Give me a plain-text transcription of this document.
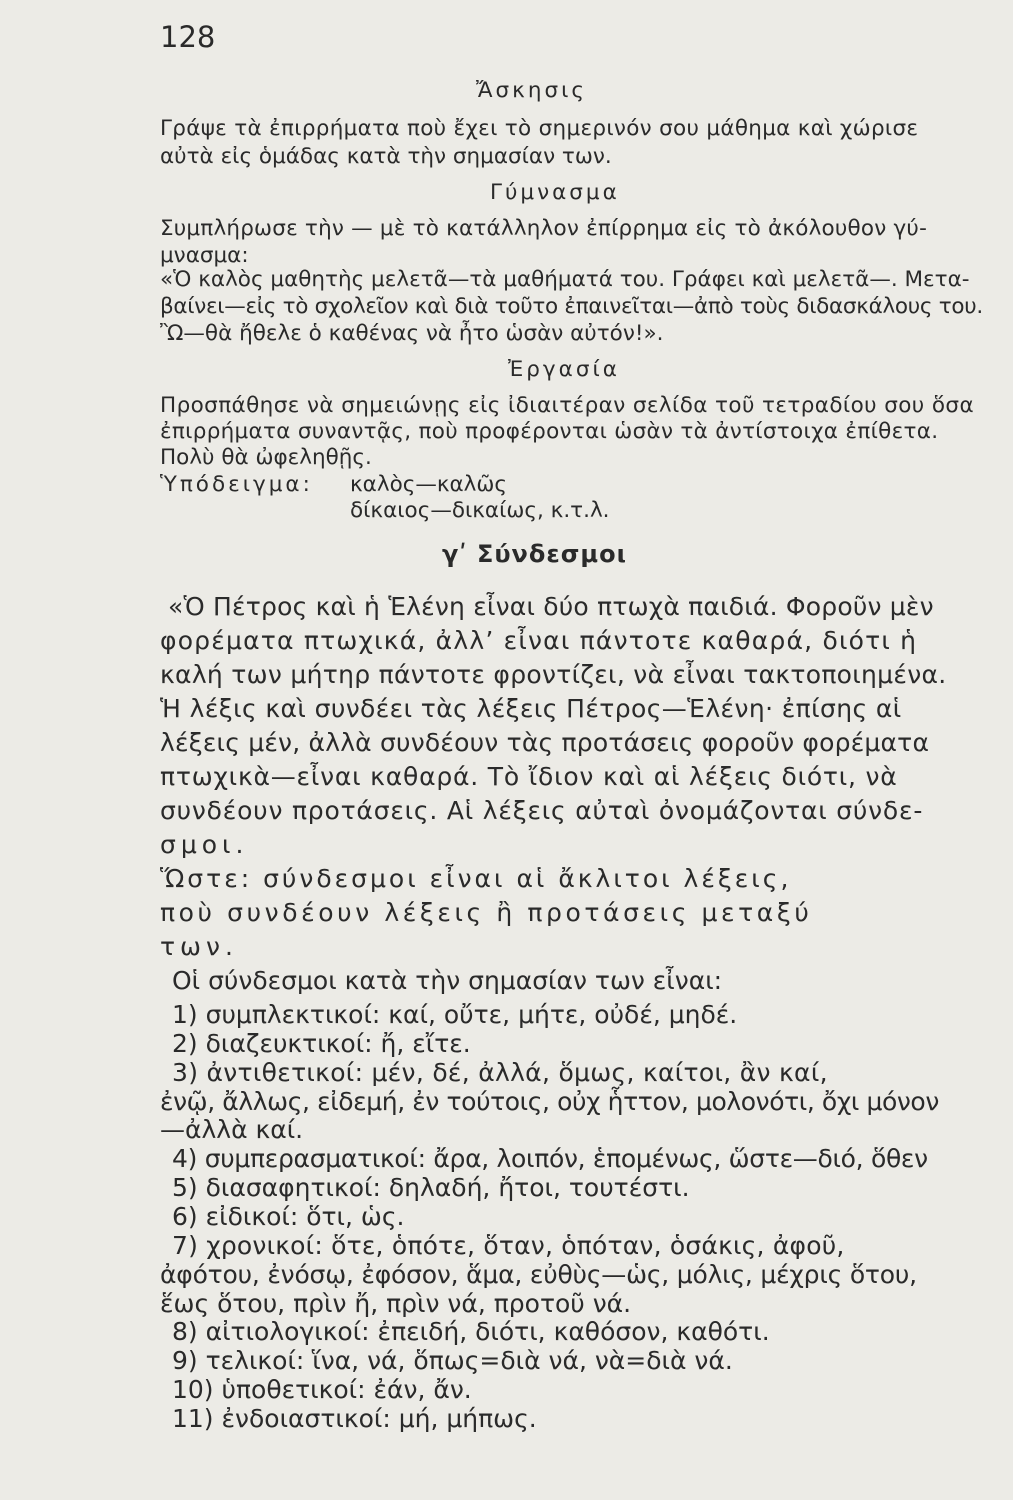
128
Ἄσκησις
Γράψε τὰ ἐπιρρήματα ποὺ ἔχει τὸ σημερινόν σου μάθημα καὶ χώρισε
αὐτὰ εἰς ὁμάδας κατὰ τὴν σημασίαν των.
Γύμνασμα
Συμπλήρωσε τὴν — μὲ τὸ κατάλληλον ἐπίρρημα εἰς τὸ ἀκόλουθον γύ-
μνασμα:
«Ὁ καλὸς μαθητὴς μελετᾶ—τὰ μαθήματά του. Γράφει καὶ μελετᾶ—. Μετα-
βαίνει—εἰς τὸ σχολεῖον καὶ διὰ τοῦτο ἐπαινεῖται—ἀπὸ τοὺς διδασκάλους του.
Ὢ—θὰ ἤθελε ὁ καθένας νὰ ἦτο ὡσὰν αὐτόν!».
Ἐργασία
Προσπάθησε νὰ σημειώνῃς εἰς ἰδιαιτέραν σελίδα τοῦ τετραδίου σου ὅσα
ἐπιρρήματα συναντᾷς, ποὺ προφέρονται ὡσὰν τὰ ἀντίστοιχα ἐπίθετα.
Πολὺ θὰ ὠφεληθῇς.
Ὑπόδειγμα: καλὸς—καλῶς
δίκαιος—δικαίως, κ.τ.λ.
γʹ Σύνδεσμοι
«Ὁ Πέτρος καὶ ἡ Ἑλένη εἶναι δύο πτωχὰ παιδιά. Φοροῦν μὲν
φορέματα πτωχικά, ἀλλ’ εἶναι πάντοτε καθαρά, διότι ἡ
καλή των μήτηρ πάντοτε φροντίζει, νὰ εἶναι τακτοποιημένα.
Ἡ λέξις καὶ συνδέει τὰς λέξεις Πέτρος—Ἑλένη· ἐπίσης αἱ
λέξεις μέν, ἀλλὰ συνδέουν τὰς προτάσεις φοροῦν φορέματα
πτωχικὰ—εἶναι καθαρά. Τὸ ἴδιον καὶ αἱ λέξεις διότι, νὰ
συνδέουν προτάσεις. Αἱ λέξεις αὐταὶ ὀνομάζονται σύνδε-
σμοι.
Ὥστε: σύνδεσμοι εἶναι αἱ ἄκλιτοι λέξεις,
ποὺ συνδέουν λέξεις ἢ προτάσεις μεταξύ
των.
Οἱ σύνδεσμοι κατὰ τὴν σημασίαν των εἶναι:
1) συμπλεκτικοί: καί, οὔτε, μήτε, οὐδέ, μηδέ.
2) διαζευκτικοί: ἤ, εἴτε.
3) ἀντιθετικοί: μέν, δέ, ἀλλά, ὅμως, καίτοι, ἂν καί,
ἐνῷ, ἄλλως, εἰδεμή, ἐν τούτοις, οὐχ ἧττον, μολονότι, ὄχι μόνον
—ἀλλὰ καί.
4) συμπερασματικοί: ἄρα, λοιπόν, ἑπομένως, ὥστε—διό, ὅθεν
5) διασαφητικοί: δηλαδή, ἤτοι, τουτέστι.
6) εἰδικοί: ὅτι, ὡς.
7) χρονικοί: ὅτε, ὁπότε, ὅταν, ὁπόταν, ὁσάκις, ἀφοῦ,
ἀφότου, ἐνόσῳ, ἐφόσον, ἅμα, εὐθὺς—ὡς, μόλις, μέχρις ὅτου,
ἕως ὅτου, πρὶν ἤ, πρὶν νά, προτοῦ νά.
8) αἰτιολογικοί: ἐπειδή, διότι, καθόσον, καθότι.
9) τελικοί: ἵνα, νά, ὅπως=διὰ νά, νὰ=διὰ νά.
10) ὑποθετικοί: ἐάν, ἄν.
11) ἐνδοιαστικοί: μή, μήπως.
